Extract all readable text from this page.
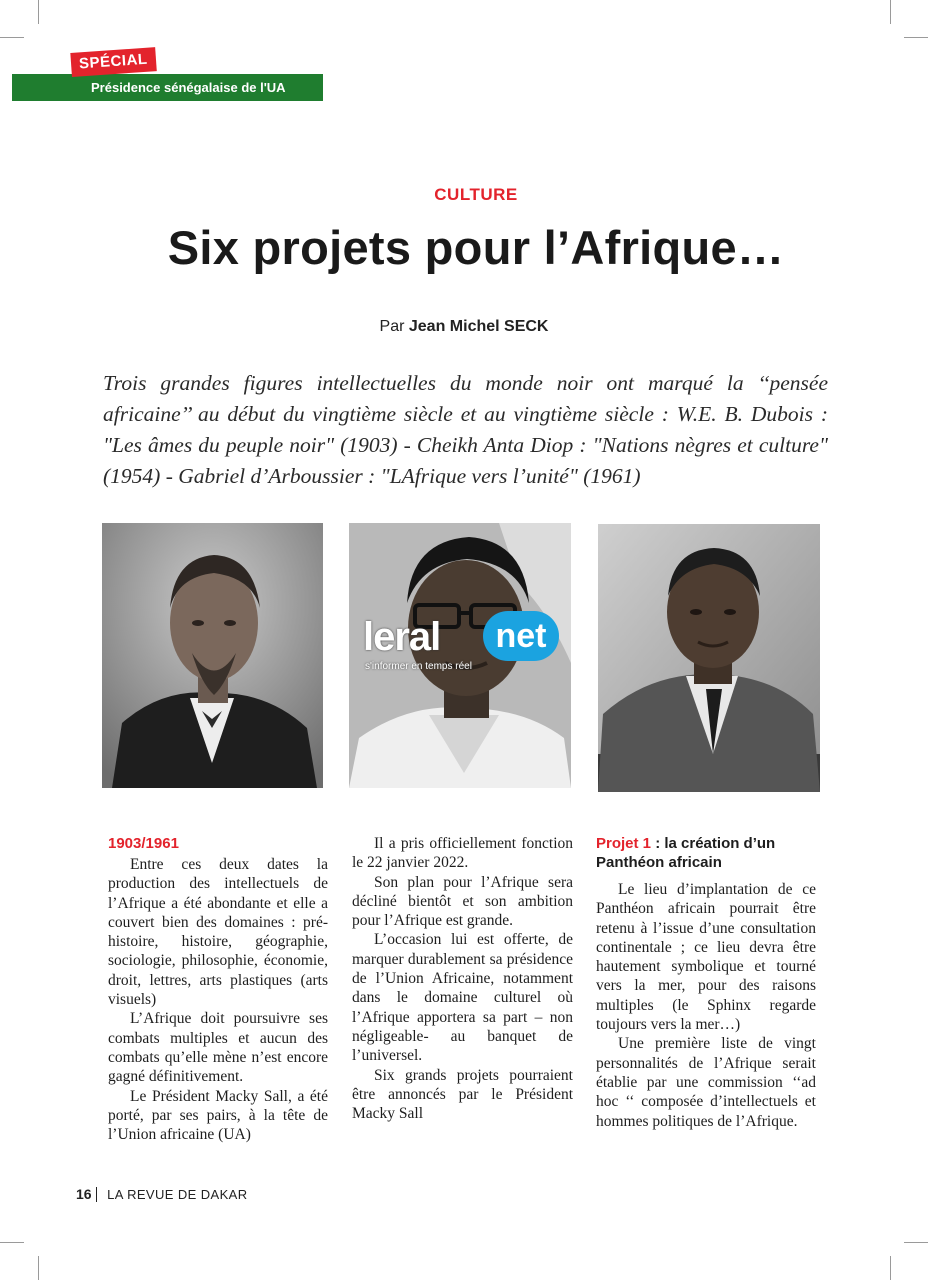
Présidence sénégalaise de l'UA
SPÉCIAL
CULTURE
Six projets pour l’Afrique…
Par Jean Michel SECK

Trois grandes figures intellectuelles du monde noir ont marqué la ‘‘pensée africaine’’ au début du vingtième siècle et au vingtième siècle : W.E. B. Dubois : "Les âmes du peuple noir" (1903) - Cheikh Anta Diop : "Nations nègres et culture" (1954) - Gabriel d’Arboussier : "LAfrique vers l’unité" (1961)

leral	net
s'informer en temps réel
1903/1961

Entre ces deux dates la production des intellectuels de l’Afrique a été abondante et elle a couvert bien des domaines : pré-histoire, histoire, géographie, sociologie, philosophie, économie, droit, lettres, arts plastiques (arts visuels)

L’Afrique doit poursuivre ses combats multiples et aucun des combats qu’elle mène n’est encore gagné définitivement.

Le Président Macky Sall, a été porté, par ses pairs, à la tête de l’Union africaine (UA)

Il a pris officiellement fonction le 22 janvier 2022.

Son plan pour l’Afrique sera décliné bientôt et son ambition pour l’Afrique est grande.

L’occasion lui est offerte, de marquer durablement sa présidence de l’Union Africaine, notamment dans le domaine culturel où l’Afrique apportera sa part – non négligeable- au banquet de l’universel.

Six grands projets pourraient être annoncés par le Président Macky Sall

Projet 1 : la création d’un Panthéon africain

Le lieu d’implantation de ce Panthéon africain pourrait être retenu à l’issue d’une consultation continentale ; ce lieu devra être hautement symbolique et tourné vers la mer, pour des raisons multiples (le Sphinx regarde toujours vers la mer…)

Une première liste de vingt personnalités de l’Afrique serait établie par une commission ‘‘ad hoc ‘‘ composée d’intellectuels et hommes politiques de l’Afrique.

16 LA REVUE DE DAKAR
